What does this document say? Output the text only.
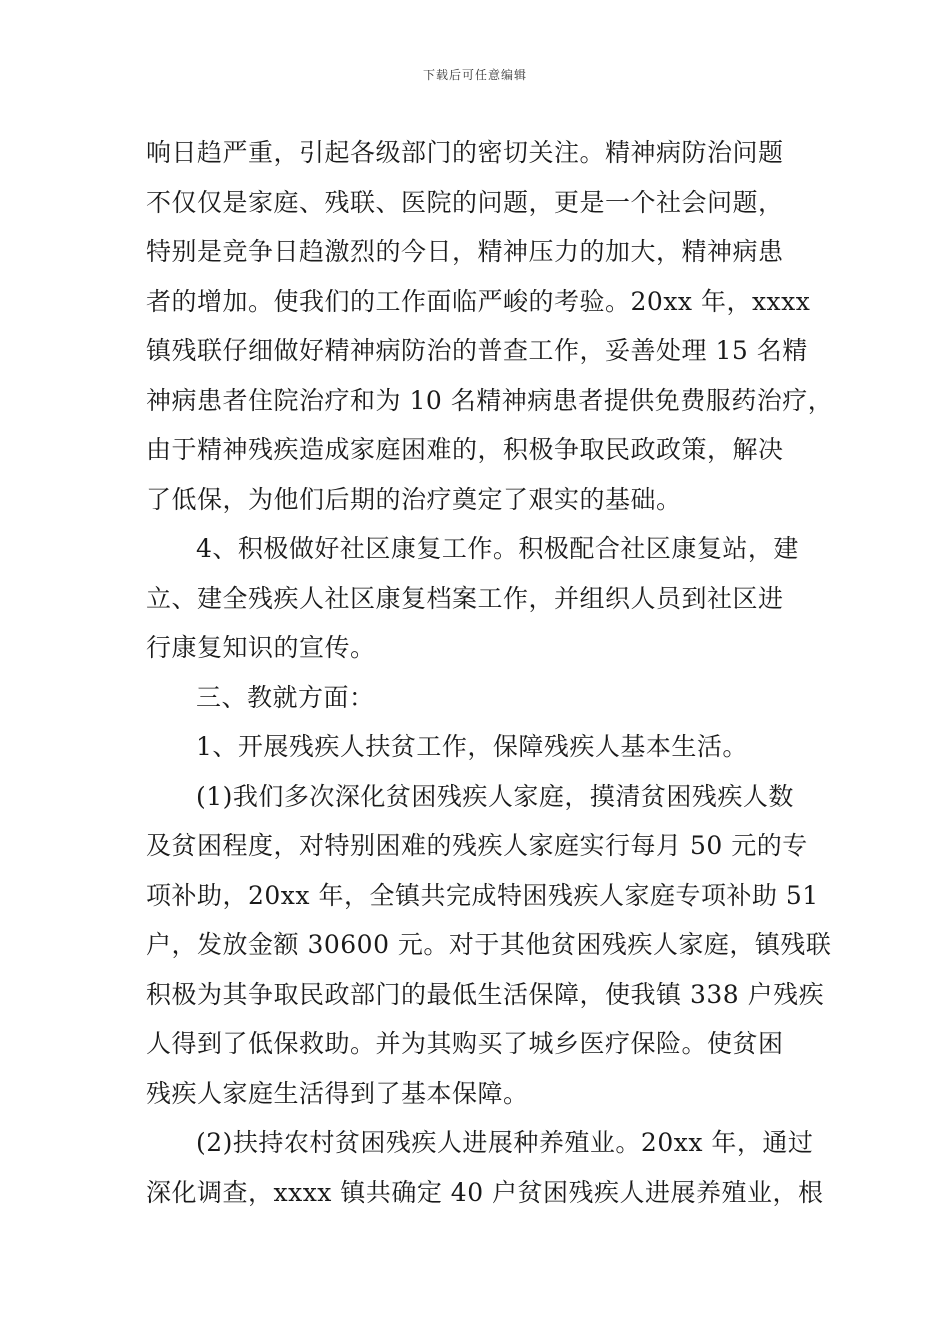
下载后可任意编辑
响日趋严重，引起各级部门的密切关注。精神病防治问题
不仅仅是家庭、残联、医院的问题，更是一个社会问题，
特别是竞争日趋激烈的今日，精神压力的加大，精神病患
者的增加。使我们的工作面临严峻的考验。20xx 年，xxxx
镇残联仔细做好精神病防治的普查工作，妥善处理 15 名精
神病患者住院治疗和为 10 名精神病患者提供免费服药治疗，
由于精神残疾造成家庭困难的，积极争取民政政策，解决
了低保，为他们后期的治疗奠定了艰实的基础。
4、积极做好社区康复工作。积极配合社区康复站，建
立、建全残疾人社区康复档案工作，并组织人员到社区进
行康复知识的宣传。
三、教就方面：
1、开展残疾人扶贫工作，保障残疾人基本生活。
(1)我们多次深化贫困残疾人家庭，摸清贫困残疾人数
及贫困程度，对特别困难的残疾人家庭实行每月 50 元的专
项补助，20xx 年，全镇共完成特困残疾人家庭专项补助 51
户，发放金额 30600 元。对于其他贫困残疾人家庭，镇残联
积极为其争取民政部门的最低生活保障，使我镇 338 户残疾
人得到了低保救助。并为其购买了城乡医疗保险。使贫困
残疾人家庭生活得到了基本保障。
(2)扶持农村贫困残疾人进展种养殖业。20xx 年，通过
深化调查，xxxx 镇共确定 40 户贫困残疾人进展养殖业，根
